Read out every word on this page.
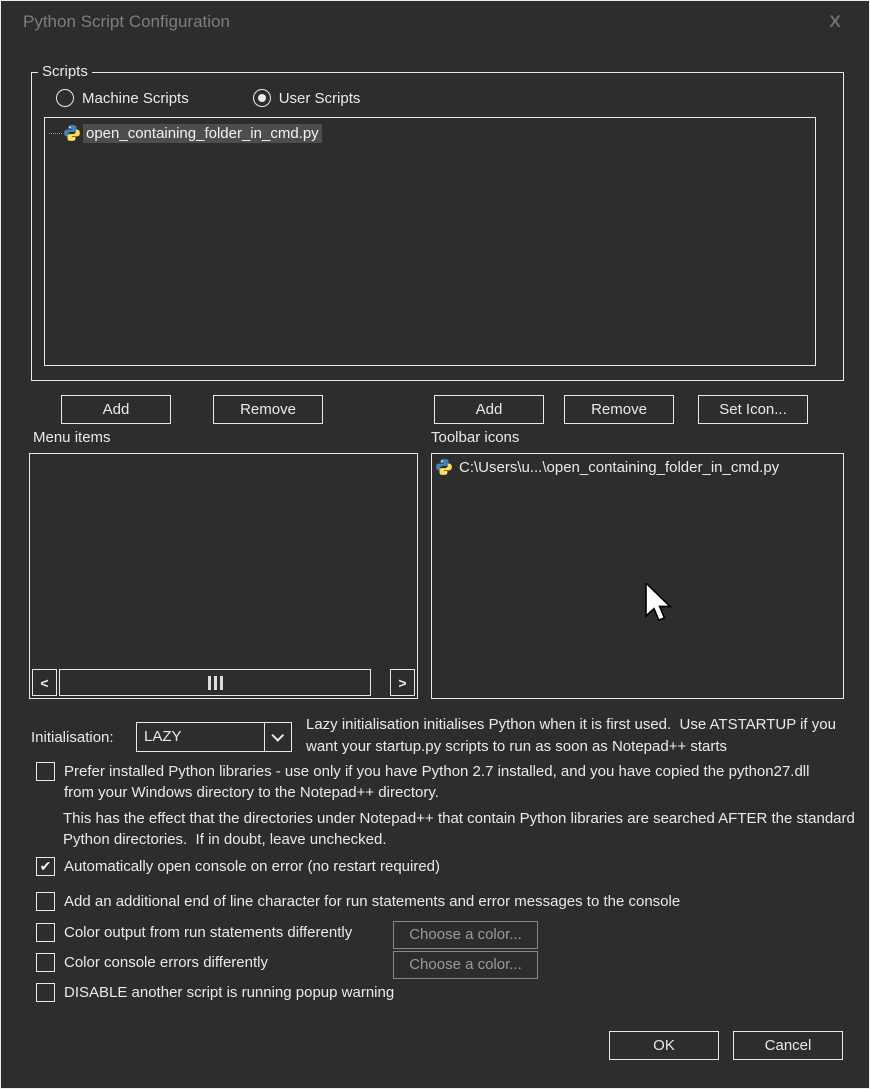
Python Script Configuration	X
Scripts
Machine Scripts	User Scripts
open_containing_folder_in_cmd.py
Add	Remove	Add	Remove	Set Icon...
Menu items	Toolbar icons
<	>
C:\Users\u...\open_containing_folder_in_cmd.py
Initialisation:	LAZY
Lazy initialisation initialises Python when it is first used.  Use ATSTARTUP if you want your startup.py scripts to run as soon as Notepad++ starts
Prefer installed Python libraries - use only if you have Python 2.7 installed, and you have copied the python27.dll from your Windows directory to the Notepad++ directory.
This has the effect that the directories under Notepad++ that contain Python libraries are searched AFTER the standard Python directories.  If in doubt, leave unchecked.
✔
Automatically open console on error (no restart required)
Add an additional end of line character for run statements and error messages to the console
Color output from run statements differently	Choose a color...
Color console errors differently	Choose a color...
DISABLE another script is running popup warning
OK	Cancel
